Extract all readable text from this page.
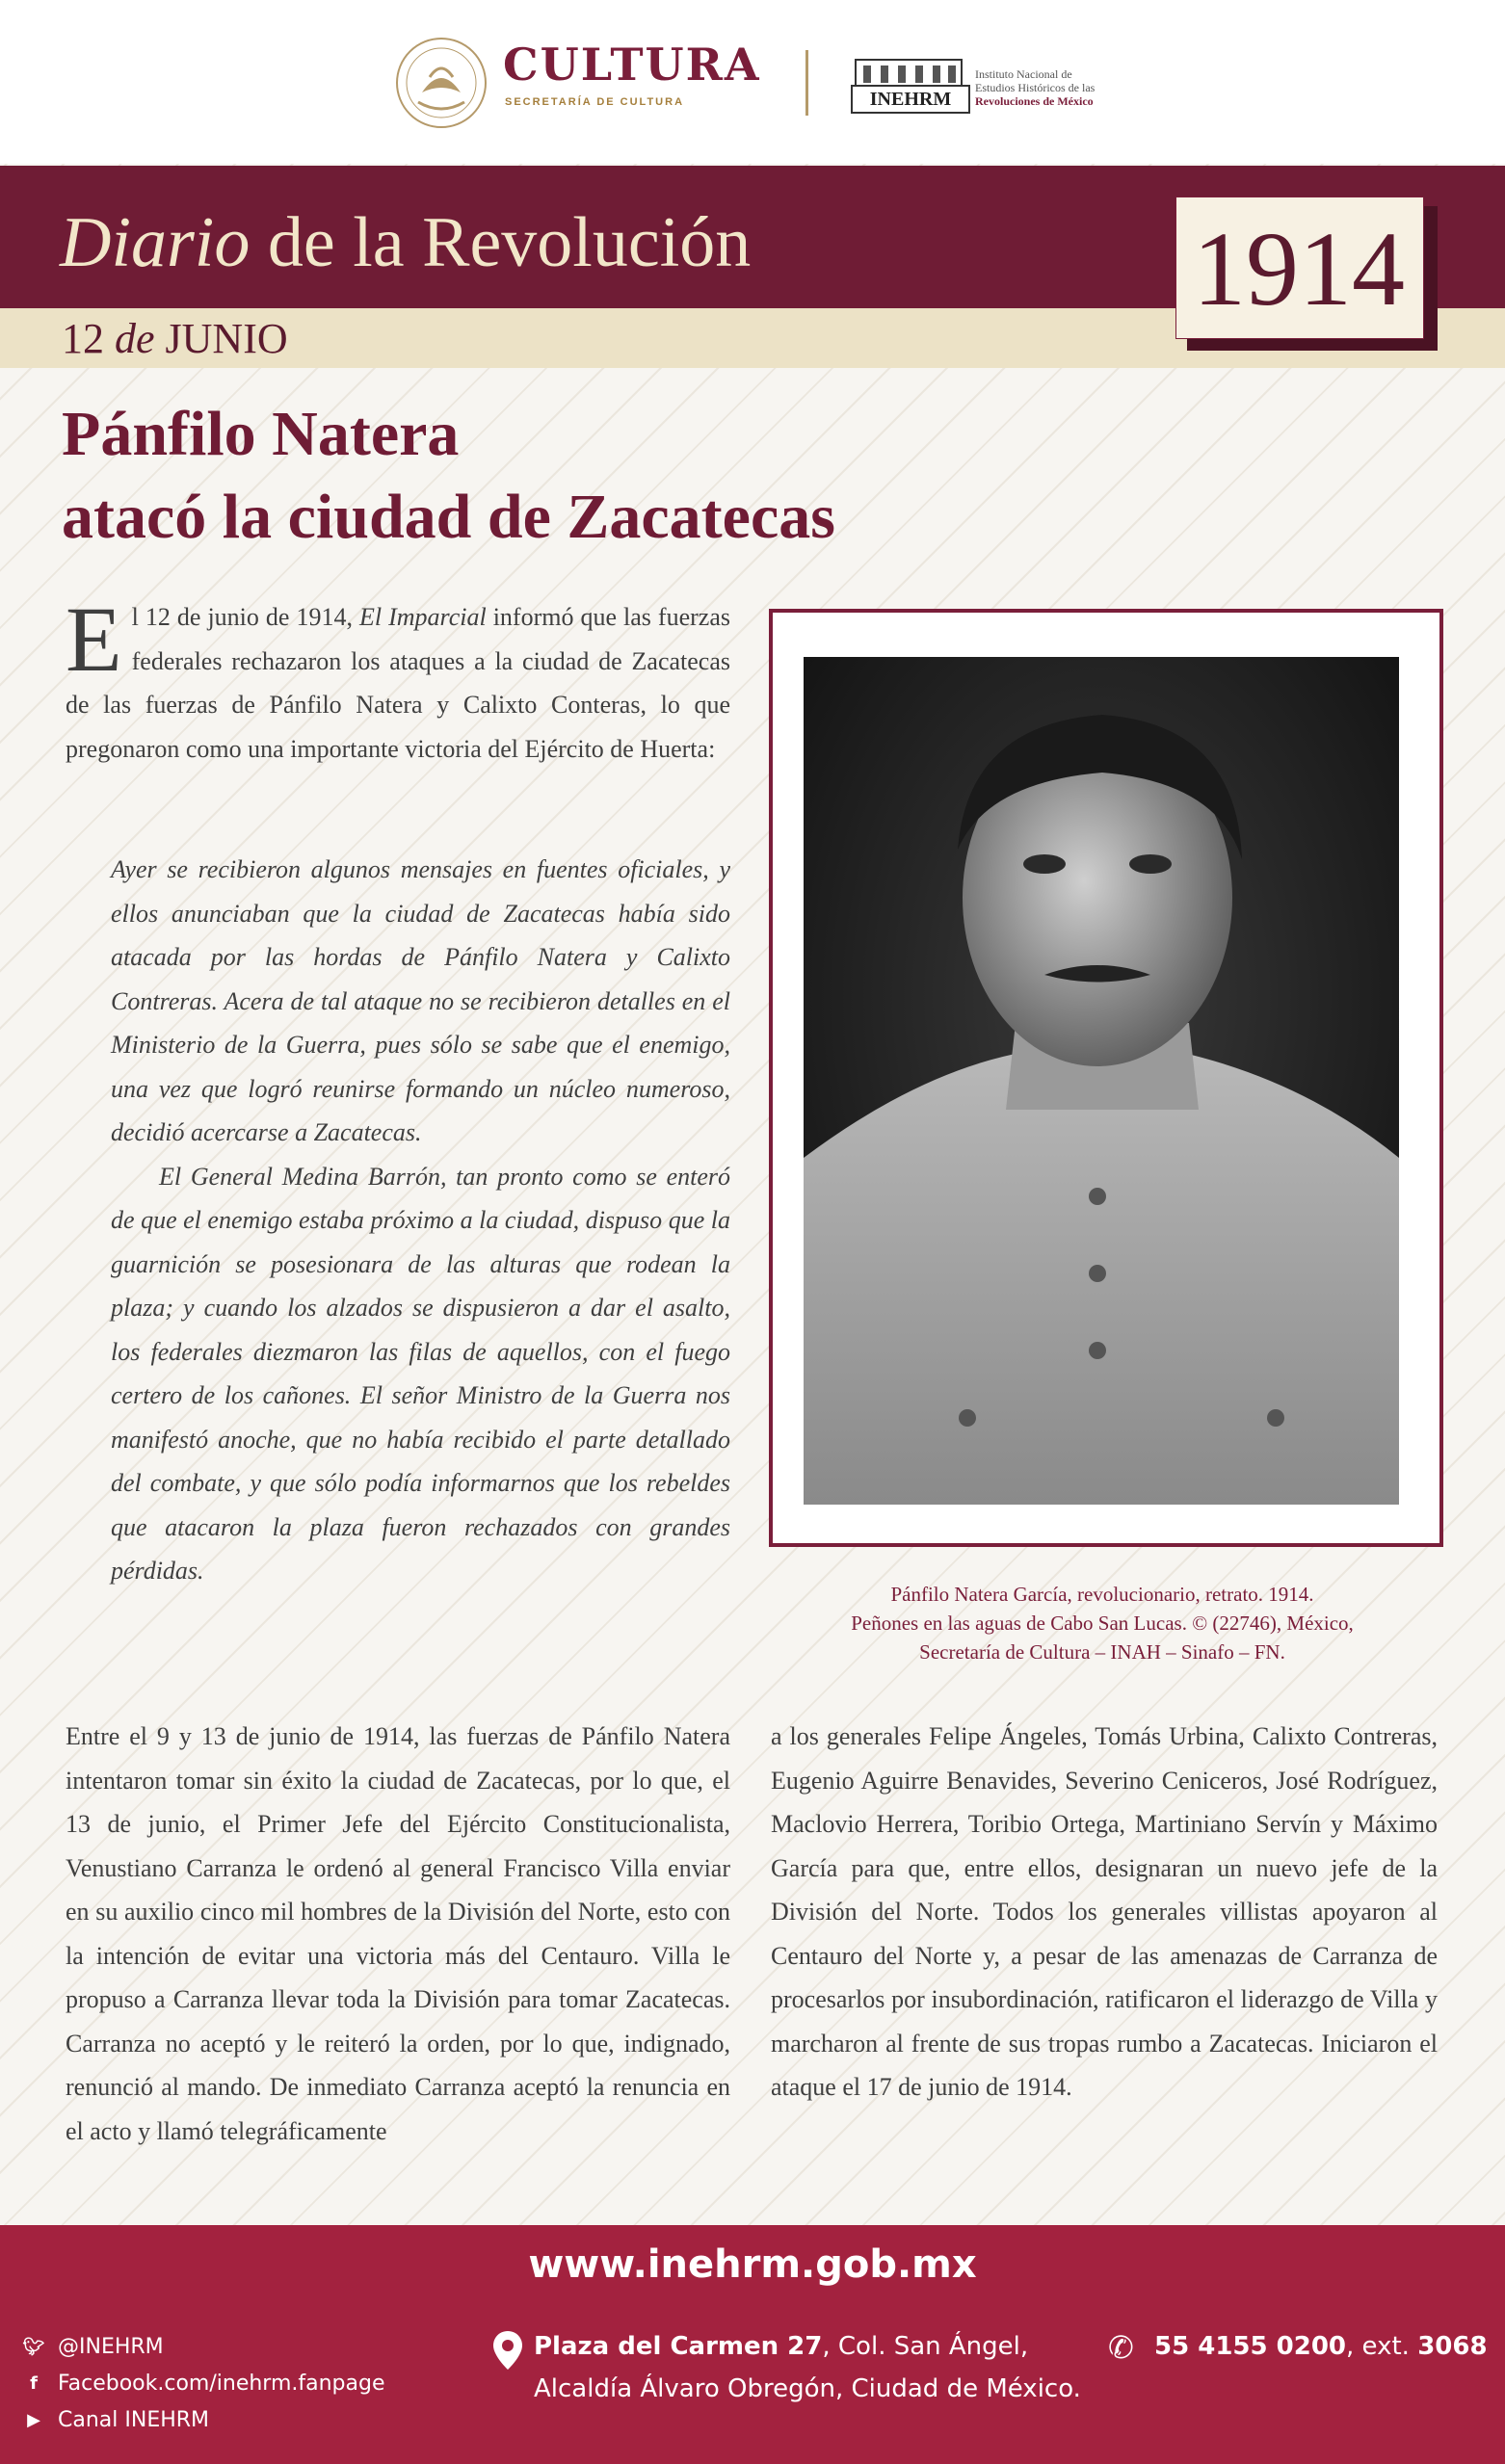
CULTURA
SECRETARÍA DE CULTURA	INEHRM
Instituto Nacional de
Estudios Históricos de las
Revoluciones de México
Diario de la Revolución
12 de JUNIO
1914
Pánfilo Natera
atacó la ciudad de Zacatecas
El 12 de junio de 1914, El Imparcial informó que las fuerzas federales rechazaron los ataques a la ciudad de Zacatecas de las fuerzas de Pánfilo Natera y Calixto Conteras, lo que pregonaron como una importante victoria del Ejército de Huerta:

Ayer se recibieron algunos mensajes en fuentes oficiales, y ellos anunciaban que la ciudad de Zacatecas había sido atacada por las hordas de Pánfilo Natera y Calixto Contreras. Acera de tal ataque no se recibieron detalles en el Ministerio de la Guerra, pues sólo se sabe que el enemigo, una vez que logró reunirse formando un núcleo numeroso, decidió acercarse a Zacatecas.

El General Medina Barrón, tan pronto como se enteró de que el enemigo estaba próximo a la ciudad, dispuso que la guarnición se posesionara de las alturas que rodean la plaza; y cuando los alzados se dispusieron a dar el asalto, los federales diezmaron las filas de aquellos, con el fuego certero de los cañones. El señor Ministro de la Guerra nos manifestó anoche, que no había recibido el parte detallado del combate, y que sólo podía informarnos que los rebeldes que atacaron la plaza fueron rechazados con grandes pérdidas.

Pánfilo Natera García, revolucionario, retrato. 1914.
Peñones en las aguas de Cabo San Lucas. © (22746), México,
Secretaría de Cultura – INAH – Sinafo – FN.
Entre el 9 y 13 de junio de 1914, las fuerzas de Pánfilo Natera intentaron tomar sin éxito la ciudad de Zacatecas, por lo que, el 13 de junio, el Primer Jefe del Ejército Constitucionalista, Venustiano Carranza le ordenó al general Francisco Villa enviar en su auxilio cinco mil hombres de la División del Norte, esto con la intención de evitar una victoria más del Centauro. Villa le propuso a Carranza llevar toda la División para tomar Zacatecas. Carranza no aceptó y le reiteró la orden, por lo que, indignado, renunció al mando. De inmediato Carranza aceptó la renuncia en el acto y llamó telegráficamente
a los generales Felipe Ángeles, Tomás Urbina, Calixto Contreras, Eugenio Aguirre Benavides, Severino Ceniceros, José Rodríguez, Maclovio Herrera, Toribio Ortega, Martiniano Servín y Máximo García para que, entre ellos, designaran un nuevo jefe de la División del Norte. Todos los generales villistas apoyaron al Centauro del Norte y, a pesar de las amenazas de Carranza de procesarlos por insubordinación, ratificaron el liderazgo de Villa y marcharon al frente de sus tropas rumbo a Zacatecas. Iniciaron el ataque el 17 de junio de 1914.
www.inehrm.gob.mx
🐦︎ @INEHRM
f Facebook.com/inehrm.fanpage
▶ Canal INEHRM
Plaza del Carmen 27, Col. San Ángel,
Alcaldía Álvaro Obregón, Ciudad de México.
✆ 55 4155 0200, ext. 3068
